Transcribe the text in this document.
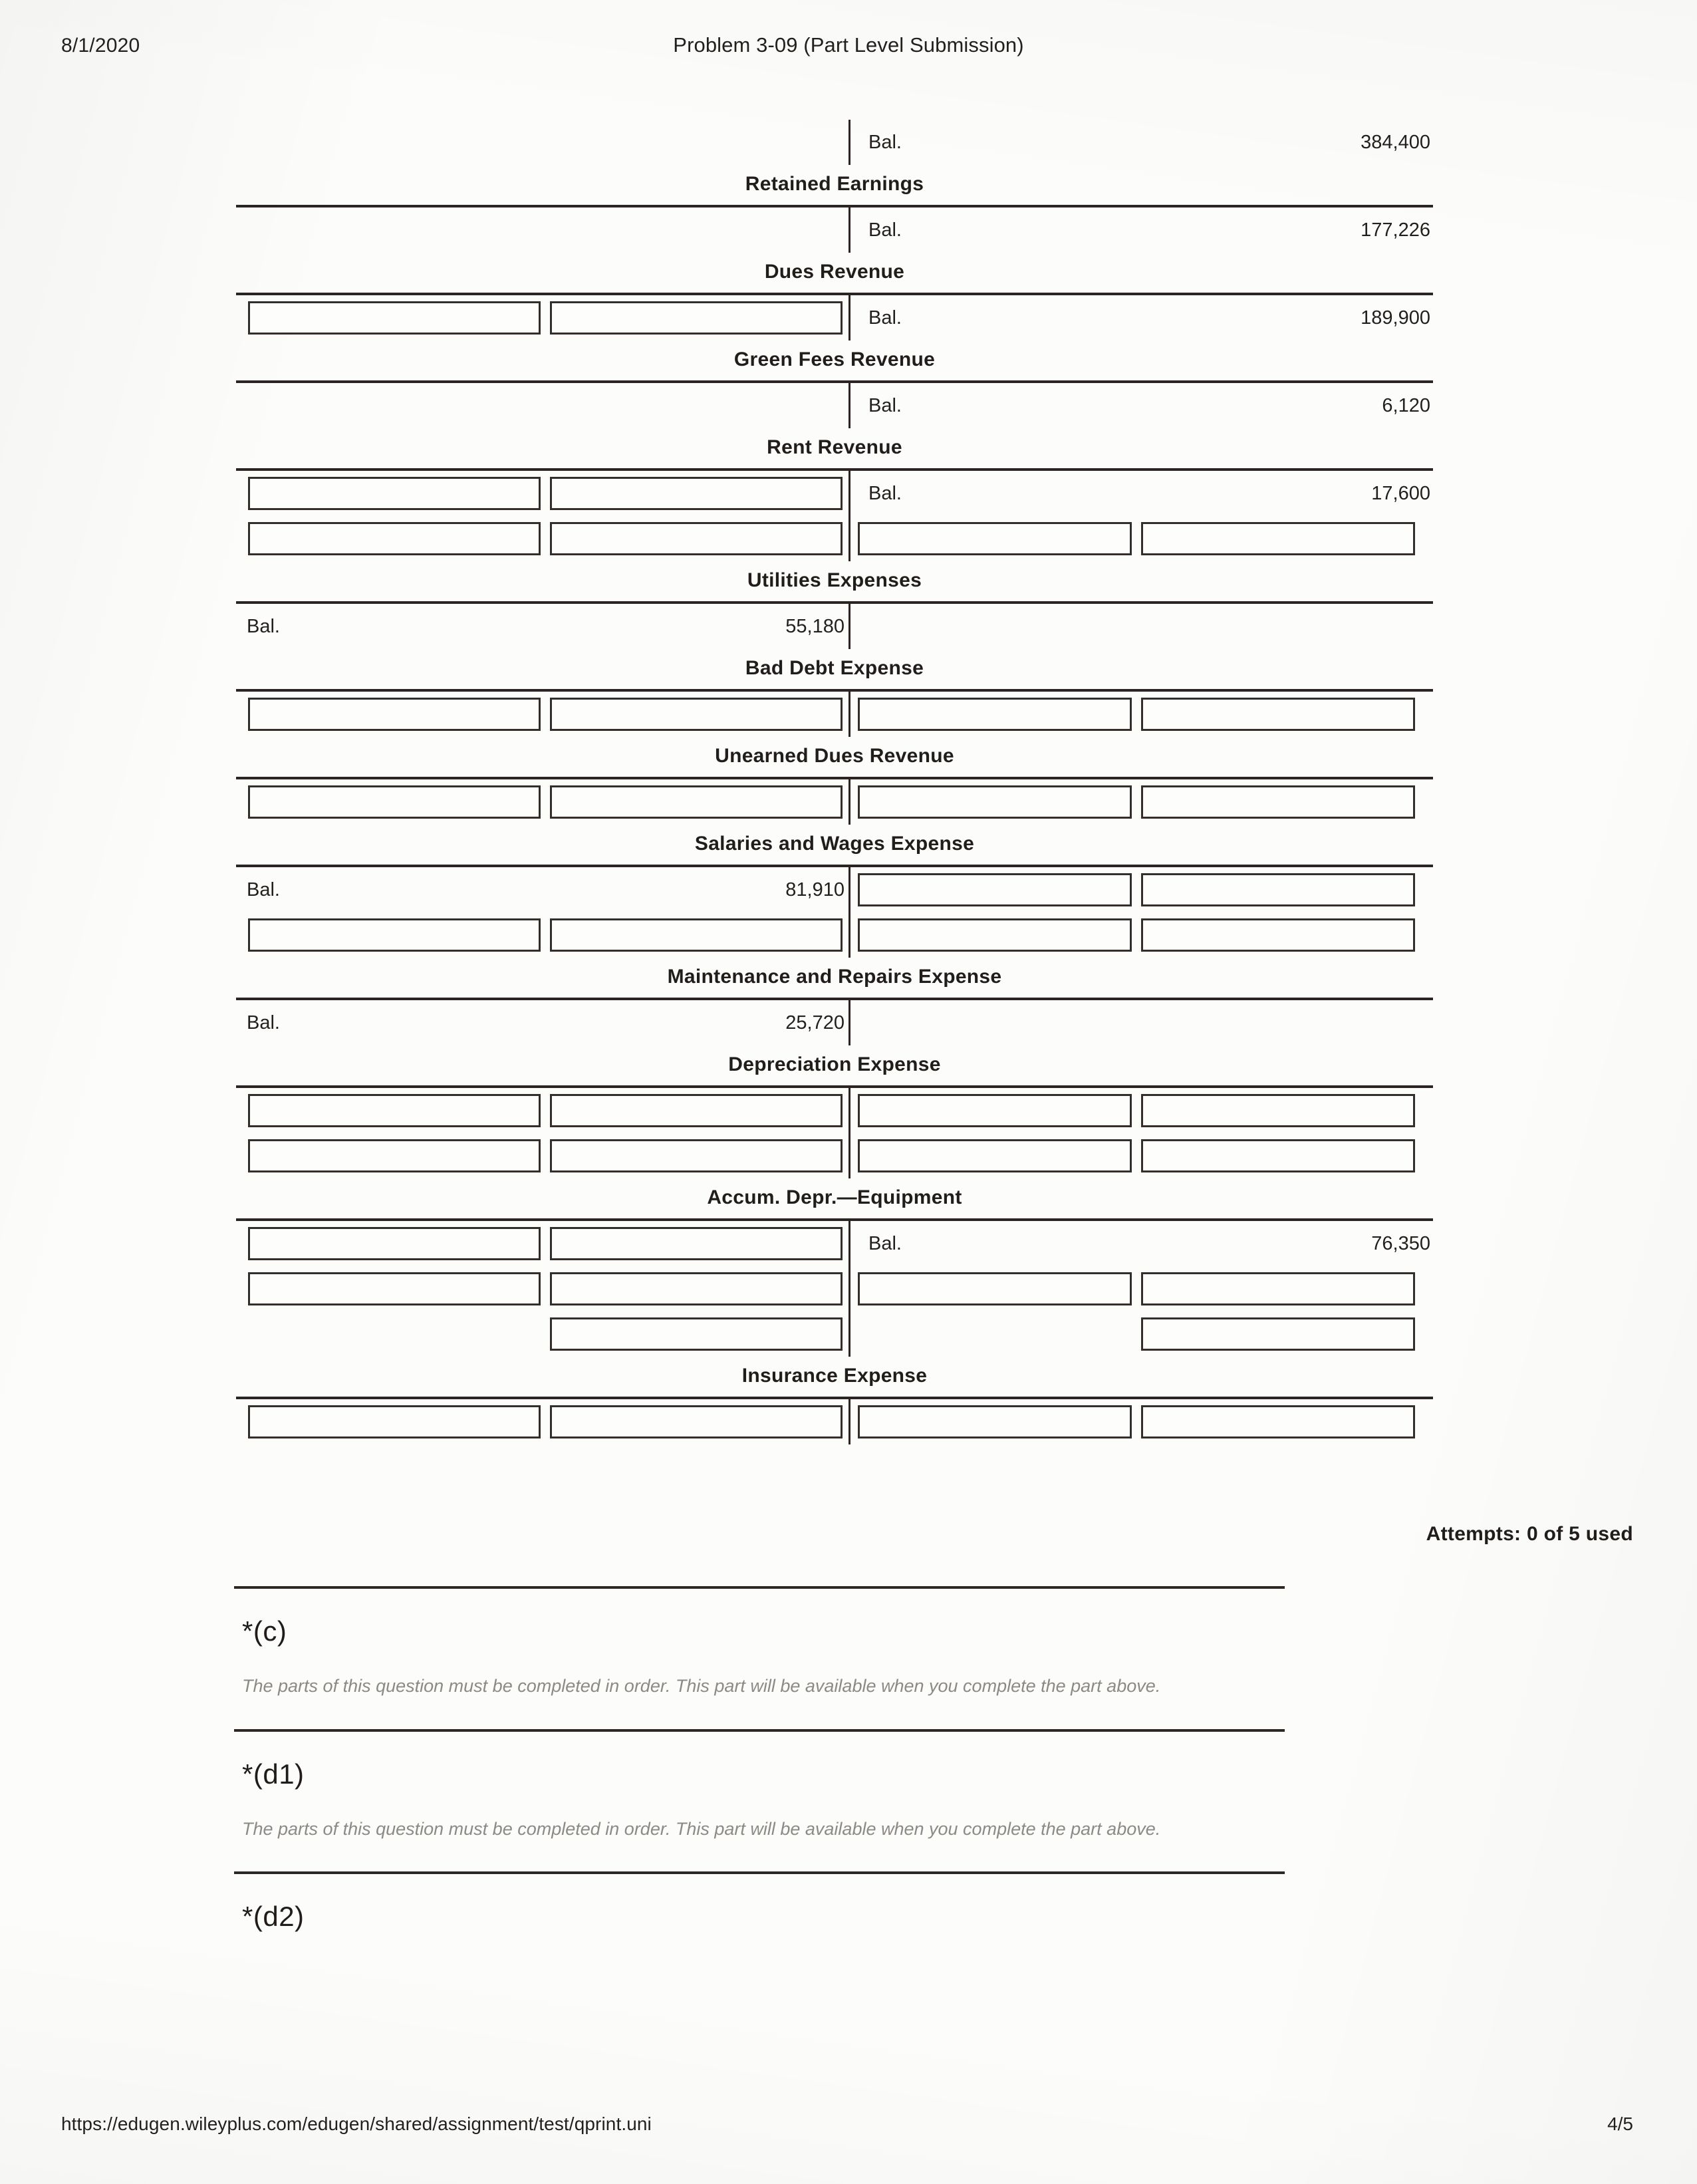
8/1/2020	Problem 3-09 (Part Level Submission)
Bal.	384,400
Retained Earnings
Bal.	177,226
Dues Revenue
Bal.	189,900
Green Fees Revenue
Bal.	6,120
Rent Revenue
Bal.	17,600
Utilities Expenses
Bal.	55,180
Bad Debt Expense
Unearned Dues Revenue
Salaries and Wages Expense
Bal.	81,910
Maintenance and Repairs Expense
Bal.	25,720
Depreciation Expense
Accum. Depr.—Equipment
Bal.	76,350
Insurance Expense
Attempts: 0 of 5 used
*(c)
The parts of this question must be completed in order. This part will be available when you complete the part above.
*(d1)
The parts of this question must be completed in order. This part will be available when you complete the part above.
*(d2)
https://edugen.wileyplus.com/edugen/shared/assignment/test/qprint.uni	4/5
